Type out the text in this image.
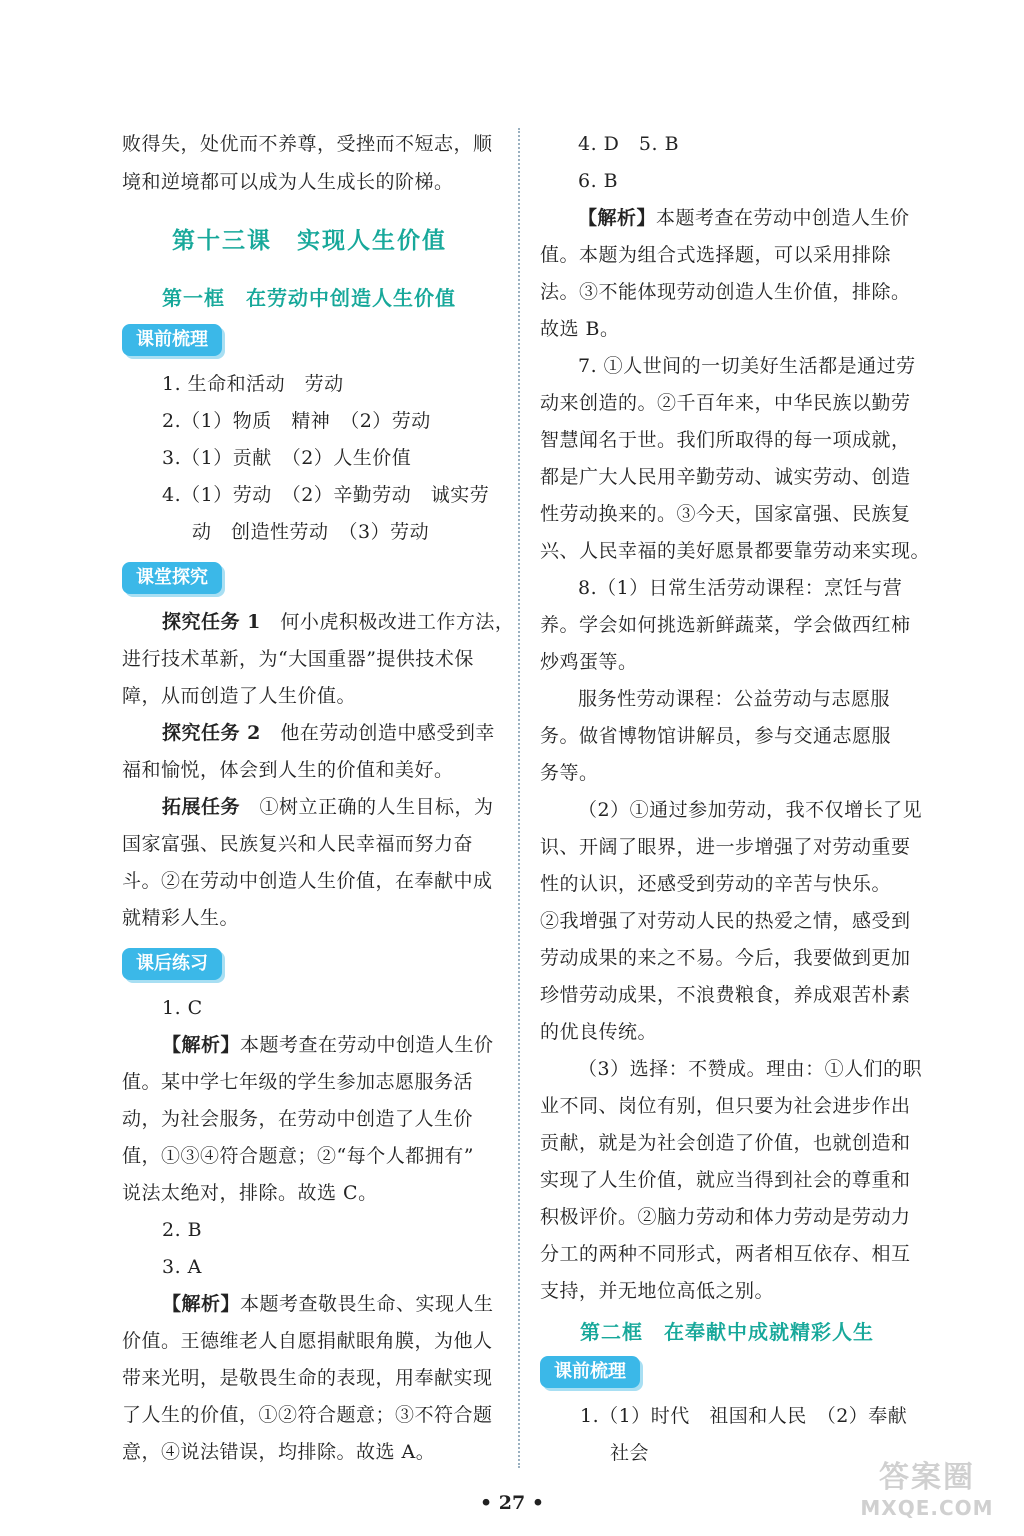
败得失，处优而不养尊，受挫而不短志，顺
境和逆境都可以成为人生成长的阶梯。
第十三课　实现人生价值
第一框　在劳动中创造人生价值
课前梳理
1. 生命和活动　劳动
2.（1）物质　精神　（2）劳动
3.（1）贡献　（2）人生价值
4.（1）劳动　（2）辛勤劳动　诚实劳
动　创造性劳动　（3）劳动
课堂探究
探究任务 1　 何小虎积极改进工作方法，
进行技术革新，为“大国重器”提供技术保
障，从而创造了人生价值。
探究任务 2　 他在劳动创造中感受到幸
福和愉悦，体会到人生的价值和美好。
拓展任务　 ①树立正确的人生目标，为
国家富强、民族复兴和人民幸福而努力奋
斗。②在劳动中创造人生价值，在奉献中成
就精彩人生。
课后练习
1. C
【解析】本题考查在劳动中创造人生价
值。某中学七年级的学生参加志愿服务活
动，为社会服务，在劳动中创造了人生价
值，①③④符合题意；②“每个人都拥有”
说法太绝对，排除。故选 C。
2. B
3. A
【解析】本题考查敬畏生命、实现人生
价值。王德维老人自愿捐献眼角膜，为他人
带来光明，是敬畏生命的表现，用奉献实现
了人生的价值，①②符合题意；③不符合题
意，④说法错误，均排除。故选 A。
4. D　5. B
6. B
【解析】本题考查在劳动中创造人生价
值。本题为组合式选择题，可以采用排除
法。③不能体现劳动创造人生价值，排除。
故选 B。
7. ①人世间的一切美好生活都是通过劳
动来创造的。②千百年来，中华民族以勤劳
智慧闻名于世。我们所取得的每一项成就，
都是广大人民用辛勤劳动、诚实劳动、创造
性劳动换来的。③今天，国家富强、民族复
兴、人民幸福的美好愿景都要靠劳动来实现。
8.（1）日常生活劳动课程：烹饪与营
养。学会如何挑选新鲜蔬菜，学会做西红柿
炒鸡蛋等。
服务性劳动课程：公益劳动与志愿服
务。做省博物馆讲解员，参与交通志愿服
务等。
（2）①通过参加劳动，我不仅增长了见
识、开阔了眼界，进一步增强了对劳动重要
性的认识，还感受到劳动的辛苦与快乐。
②我增强了对劳动人民的热爱之情，感受到
劳动成果的来之不易。今后，我要做到更加
珍惜劳动成果，不浪费粮食，养成艰苦朴素
的优良传统。
（3）选择：不赞成。理由：①人们的职
业不同、岗位有别，但只要为社会进步作出
贡献，就是为社会创造了价值，也就创造和
实现了人生价值，就应当得到社会的尊重和
积极评价。②脑力劳动和体力劳动是劳动力
分工的两种不同形式，两者相互依存、相互
支持，并无地位高低之别。
第二框　在奉献中成就精彩人生
课前梳理
1.（1）时代　祖国和人民　（2）奉献
社会
• 27 •
答案圈
MXQE.COM
